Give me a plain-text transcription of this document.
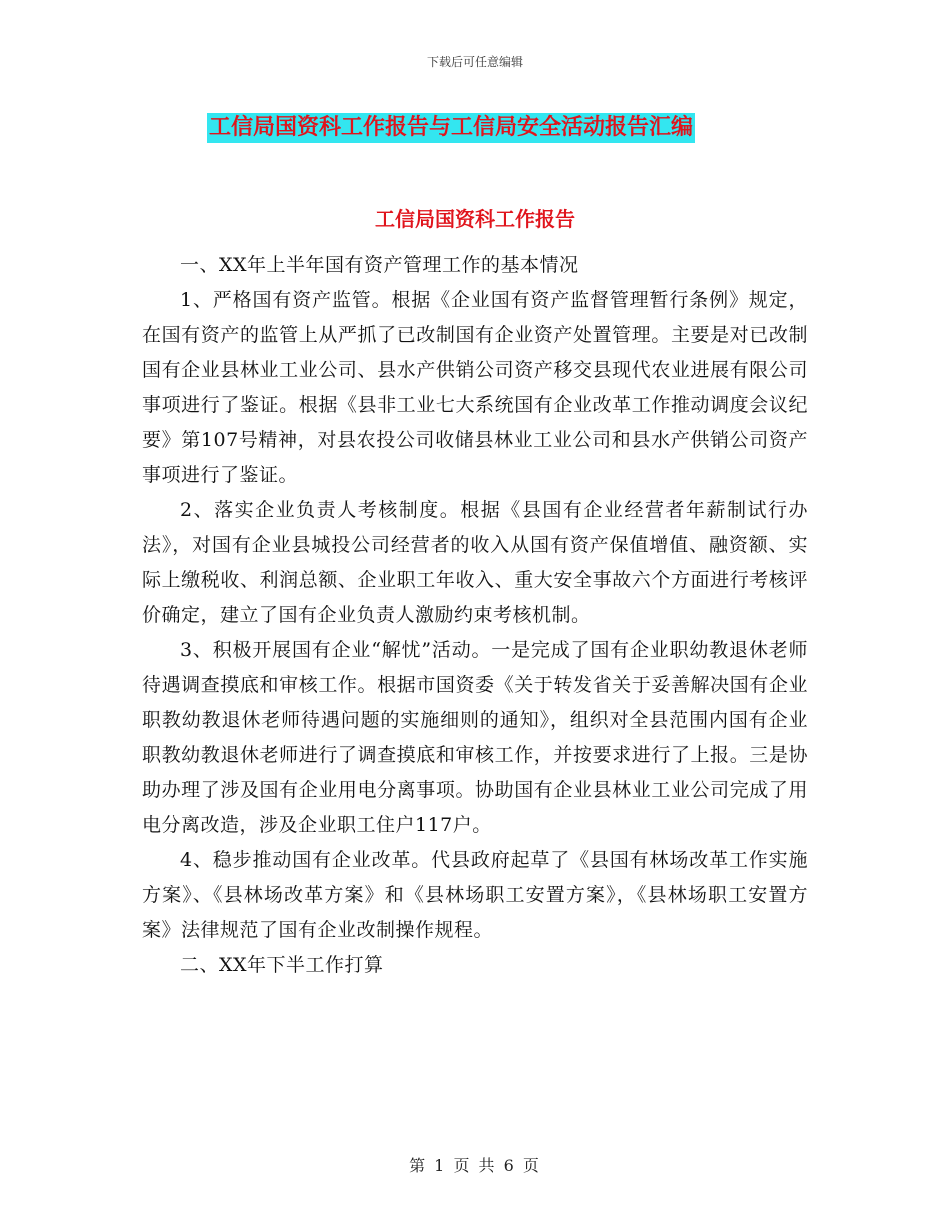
下载后可任意编辑
工信局国资科工作报告与工信局安全活动报告汇编
工信局国资科工作报告

一、XX年上半年国有资产管理工作的基本情况

1、严格国有资产监管。根据《企业国有资产监督管理暂行条例》规定，在国有资产的监管上从严抓了已改制国有企业资产处置管理。主要是对已改制国有企业县林业工业公司、县水产供销公司资产移交县现代农业进展有限公司事项进行了鉴证。根据《县非工业七大系统国有企业改革工作推动调度会议纪要》第107号精神，对县农投公司收储县林业工业公司和县水产供销公司资产事项进行了鉴证。

2、落实企业负责人考核制度。根据《县国有企业经营者年薪制试行办法》，对国有企业县城投公司经营者的收入从国有资产保值增值、融资额、实际上缴税收、利润总额、企业职工年收入、重大安全事故六个方面进行考核评价确定，建立了国有企业负责人激励约束考核机制。

3、积极开展国有企业“解忧”活动。一是完成了国有企业职幼教退休老师待遇调查摸底和审核工作。根据市国资委《关于转发省关于妥善解决国有企业职教幼教退休老师待遇问题的实施细则的通知》，组织对全县范围内国有企业职教幼教退休老师进行了调查摸底和审核工作，并按要求进行了上报。三是协助办理了涉及国有企业用电分离事项。协助国有企业县林业工业公司完成了用电分离改造，涉及企业职工住户117户。

4、稳步推动国有企业改革。代县政府起草了《县国有林场改革工作实施方案》、《县林场改革方案》和《县林场职工安置方案》，《县林场职工安置方案》法律规范了国有企业改制操作规程。

二、XX年下半工作打算

第 1 页 共 6 页
